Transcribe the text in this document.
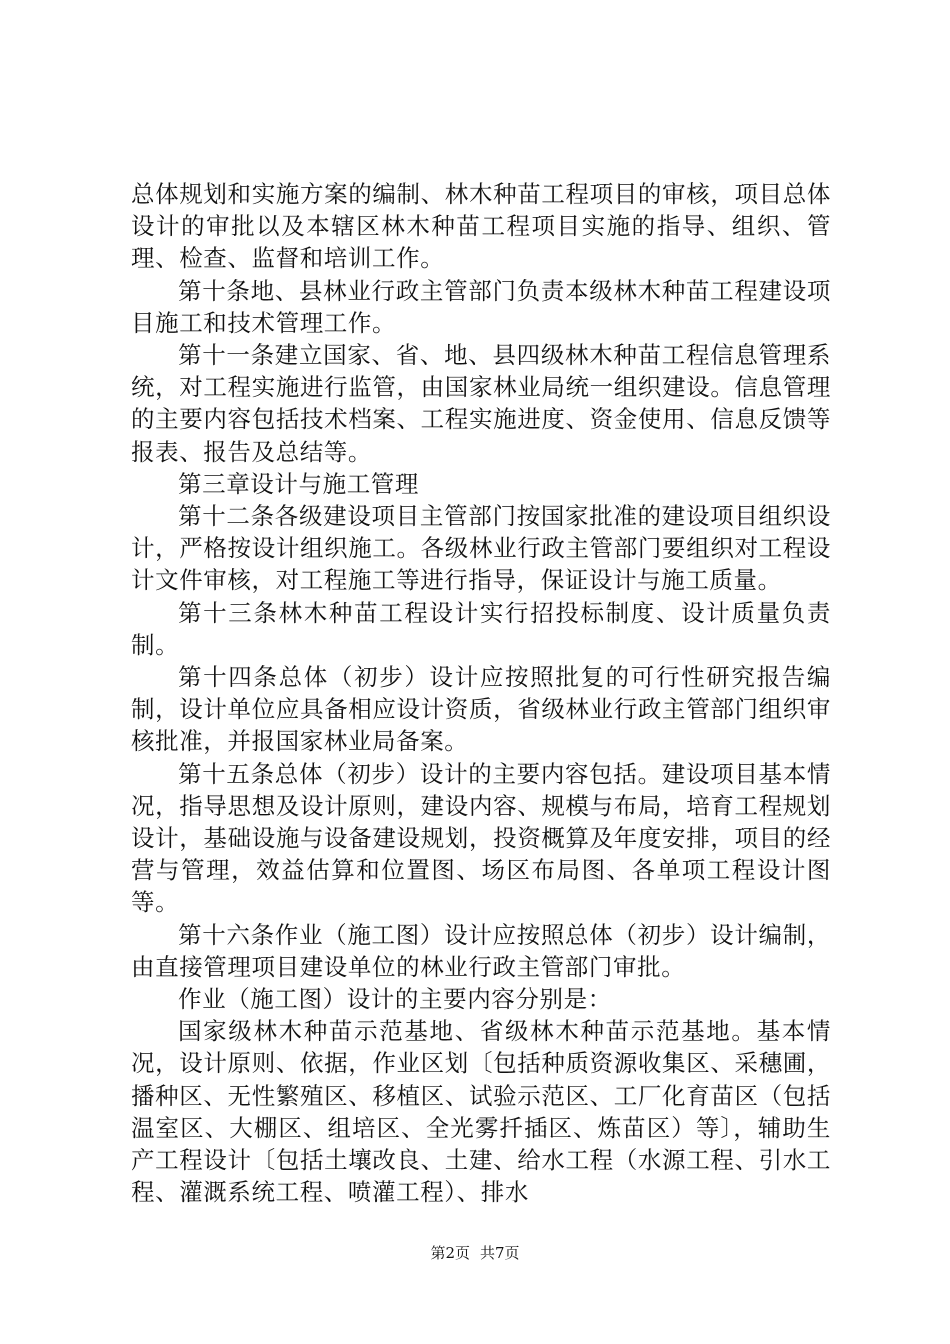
总体规划和实施方案的编制、林木种苗工程项目的审核，项目总体设计的审批以及本辖区林木种苗工程项目实施的指导、组织、管理、检查、监督和培训工作。

第十条地、县林业行政主管部门负责本级林木种苗工程建设项目施工和技术管理工作。

第十一条建立国家、省、地、县四级林木种苗工程信息管理系统，对工程实施进行监管，由国家林业局统一组织建设。信息管理的主要内容包括技术档案、工程实施进度、资金使用、信息反馈等报表、报告及总结等。

第三章设计与施工管理

第十二条各级建设项目主管部门按国家批准的建设项目组织设计，严格按设计组织施工。各级林业行政主管部门要组织对工程设计文件审核，对工程施工等进行指导，保证设计与施工质量。

第十三条林木种苗工程设计实行招投标制度、设计质量负责制。

第十四条总体（初步）设计应按照批复的可行性研究报告编制，设计单位应具备相应设计资质，省级林业行政主管部门组织审核批准，并报国家林业局备案。

第十五条总体（初步）设计的主要内容包括。建设项目基本情况，指导思想及设计原则，建设内容、规模与布局，培育工程规划设计，基础设施与设备建设规划，投资概算及年度安排，项目的经营与管理，效益估算和位置图、场区布局图、各单项工程设计图等。

第十六条作业（施工图）设计应按照总体（初步）设计编制，由直接管理项目建设单位的林业行政主管部门审批。

作业（施工图）设计的主要内容分别是：

国家级林木种苗示范基地、省级林木种苗示范基地。基本情况，设计原则、依据，作业区划〔包括种质资源收集区、采穗圃，播种区、无性繁殖区、移植区、试验示范区、工厂化育苗区（包括温室区、大棚区、组培区、全光雾扦插区、炼苗区）等〕，辅助生产工程设计〔包括土壤改良、土建、给水工程（水源工程、引水工程、灌溉系统工程、喷灌工程）、排水

第2页 共7页
